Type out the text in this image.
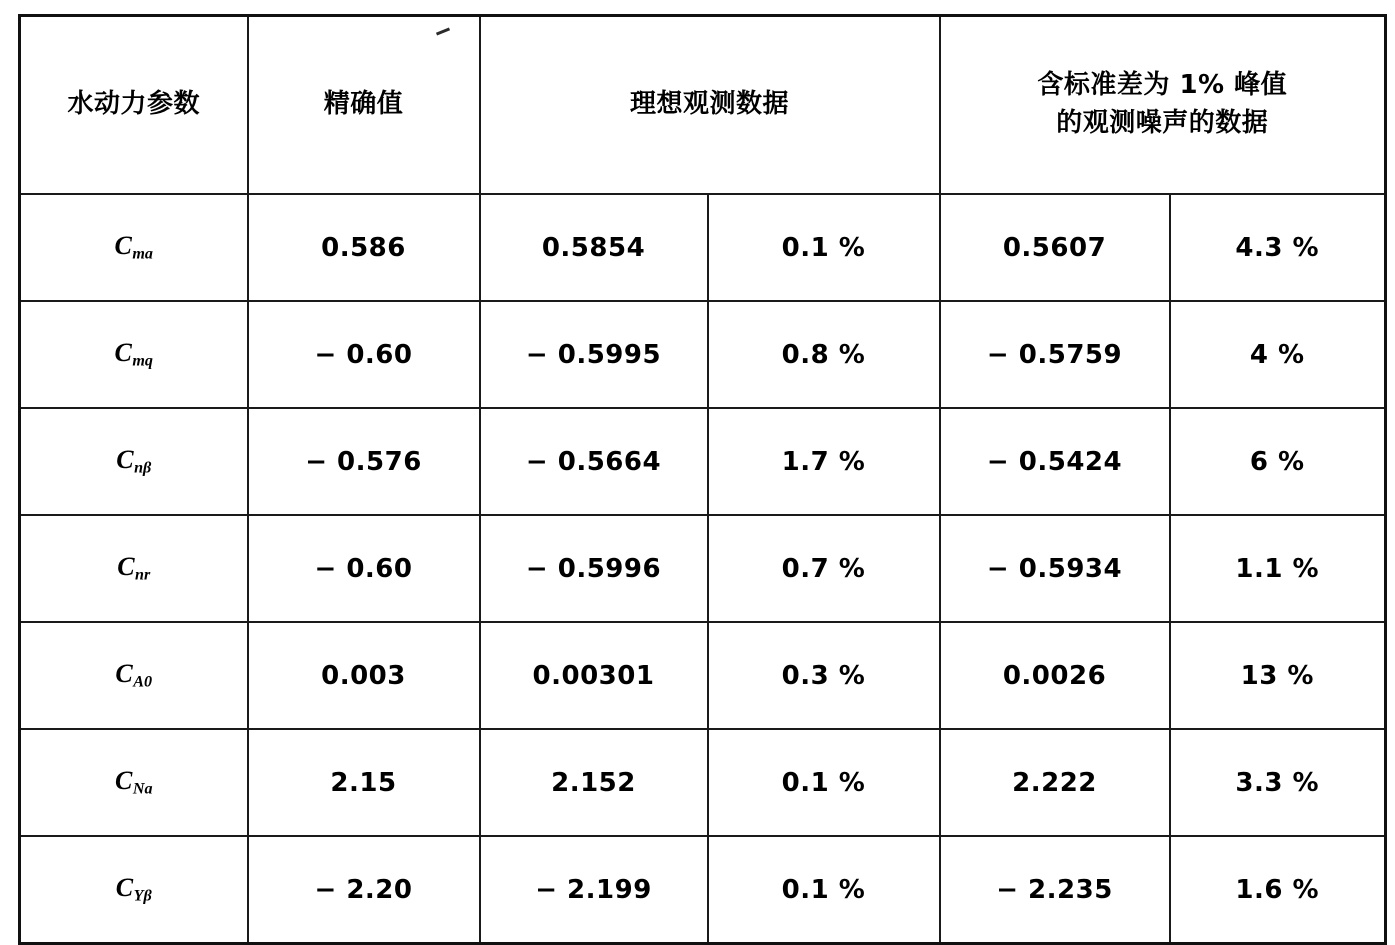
水动力参数	精确值	理想观测数据		含标准差为 1% 峰值
的观测噪声的数据	

$C_{ma}$	0.586	0.5854	0.1 %	0.5607	4.3 %
$C_{mq}$	− 0.60	− 0.5995	0.8 %	− 0.5759	4 %
$C_{n\beta}$	− 0.576	− 0.5664	1.7 %	− 0.5424	6 %
$C_{nr}$	− 0.60	− 0.5996	0.7 %	− 0.5934	1.1 %
$C_{A0}$	0.003	0.00301	0.3 %	0.0026	13 %
$C_{Na}$	2.15	2.152	0.1 %	2.222	3.3 %
$C_{Y\beta}$	− 2.20	− 2.199	0.1 %	− 2.235	1.6 %
